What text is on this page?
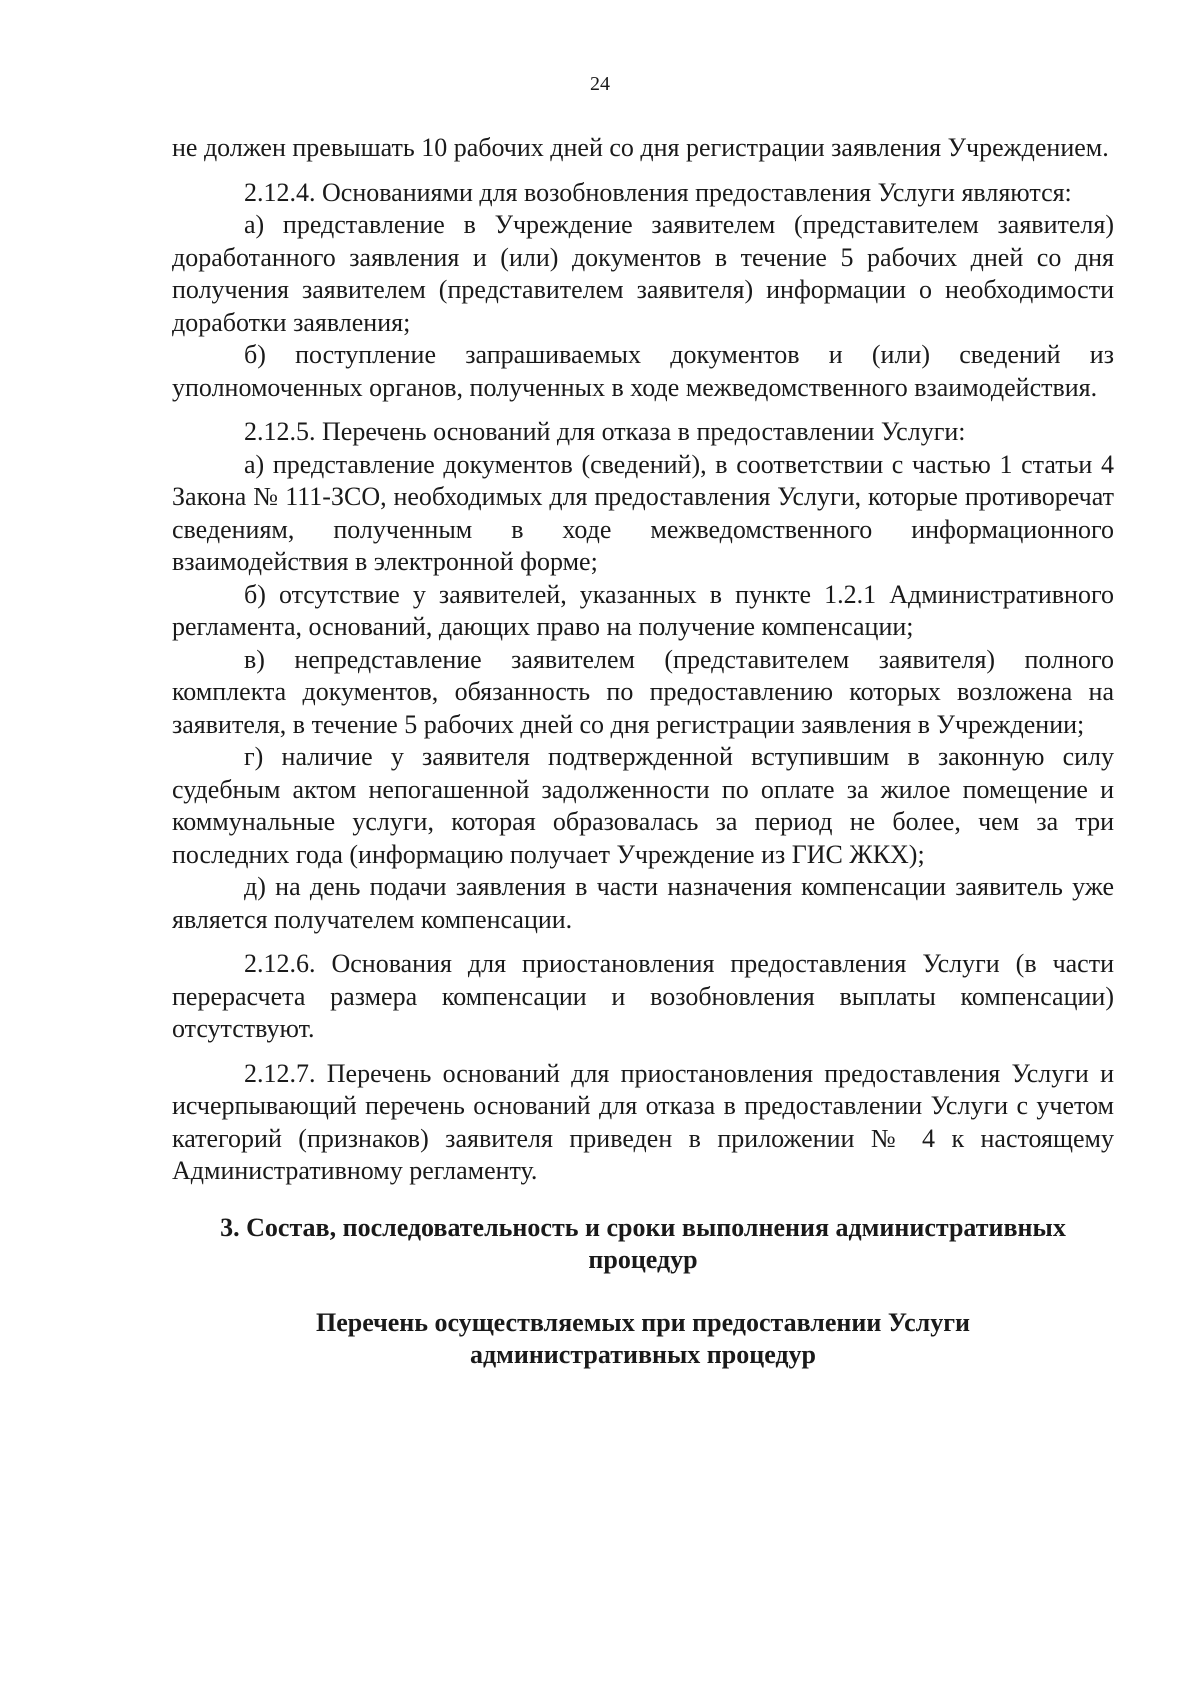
24

не должен превышать 10 рабочих дней со дня регистрации заявления Учреждением.

2.12.4. Основаниями для возобновления предоставления Услуги являются:

а) представление в Учреждение заявителем (представителем заявителя) доработанного заявления и (или) документов в течение 5 рабочих дней со дня получения заявителем (представителем заявителя) информации о необходимости доработки заявления;

б) поступление запрашиваемых документов и (или) сведений из уполномоченных органов, полученных в ходе межведомственного взаимодействия.

2.12.5. Перечень оснований для отказа в предоставлении Услуги:

а) представление документов (сведений), в соответствии с частью 1 статьи 4 Закона № 111-ЗСО, необходимых для предоставления Услуги, которые противоречат сведениям, полученным в ходе межведомственного информационного взаимодействия в электронной форме;

б) отсутствие у заявителей, указанных в пункте 1.2.1 Административного регламента, оснований, дающих право на получение компенсации;

в) непредставление заявителем (представителем заявителя) полного комплекта документов, обязанность по предоставлению которых возложена на заявителя, в течение 5 рабочих дней со дня регистрации заявления в Учреждении;

г) наличие у заявителя подтвержденной вступившим в законную силу судебным актом непогашенной задолженности по оплате за жилое помещение и коммунальные услуги, которая образовалась за период не более, чем за три последних года (информацию получает Учреждение из ГИС ЖКХ);

д) на день подачи заявления в части назначения компенсации заявитель уже является получателем компенсации.

2.12.6. Основания для приостановления предоставления Услуги (в части перерасчета размера компенсации и возобновления выплаты компенсации) отсутствуют.

2.12.7. Перечень оснований для приостановления предоставления Услуги и исчерпывающий перечень оснований для отказа в предоставлении Услуги с учетом категорий (признаков) заявителя приведен в приложении № 4 к настоящему Административному регламенту.

3. Состав, последовательность и сроки выполнения административных процедур
Перечень осуществляемых при предоставлении Услуги административных процедур
